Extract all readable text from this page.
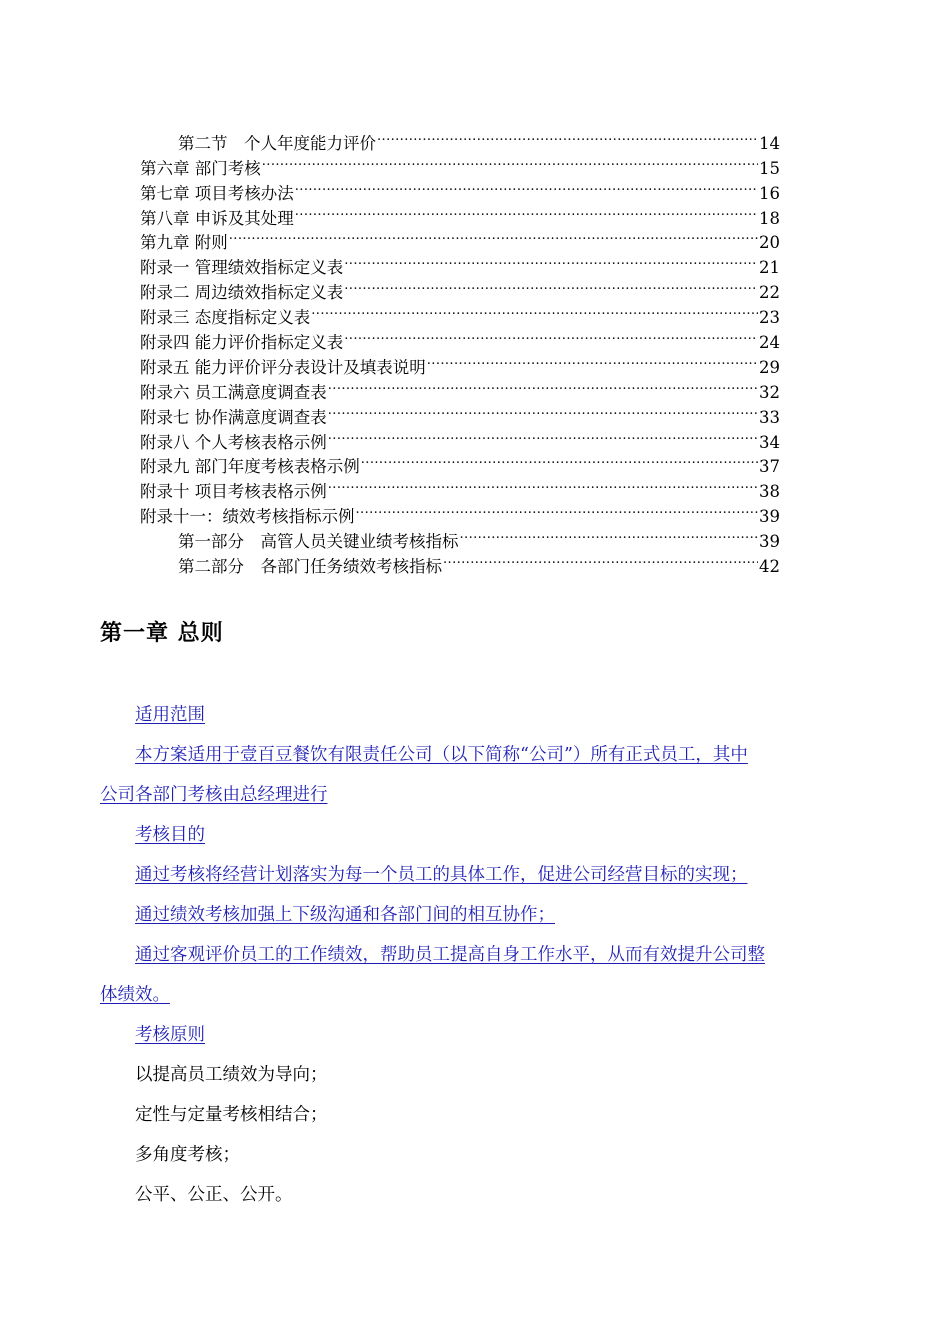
第二节　个人年度能力评价 .....	14
第六章 部门考核 .....	15
第七章 项目考核办法 .....	16
第八章 申诉及其处理 .....	18
第九章 附则 .....	20
附录一 管理绩效指标定义表 .....	21
附录二 周边绩效指标定义表 .....	22
附录三 态度指标定义表 .....	23
附录四 能力评价指标定义表 .....	24
附录五 能力评价评分表设计及填表说明 .....	29
附录六 员工满意度调查表 .....	32
附录七 协作满意度调查表 .....	33
附录八 个人考核表格示例 .....	34
附录九 部门年度考核表格示例 .....	37
附录十 项目考核表格示例 .....	38
附录十一：绩效考核指标示例 .....	39
第一部分　高管人员关键业绩考核指标 .....	39
第二部分　各部门任务绩效考核指标 .....	42
第一章 总则
适用范围
本方案适用于壹百豆餐饮有限责任公司（以下简称“公司”）所有正式员工，其中
公司各部门考核由总经理进行
考核目的
通过考核将经营计划落实为每一个员工的具体工作，促进公司经营目标的实现；
通过绩效考核加强上下级沟通和各部门间的相互协作；
通过客观评价员工的工作绩效，帮助员工提高自身工作水平，从而有效提升公司整
体绩效。
考核原则
以提高员工绩效为导向；
定性与定量考核相结合；
多角度考核；
公平、公正、公开。
